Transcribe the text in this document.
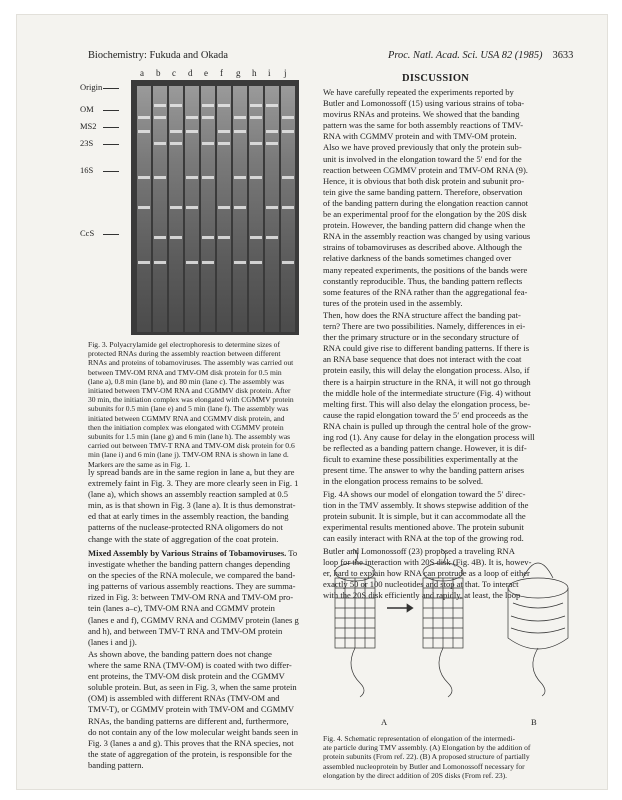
Biochemistry: Fukuda and Okada	Proc. Natl. Acad. Sci. USA 82 (1985) 3633
a b c d e f g h i j
Origin
OM
MS2
23S
16S
CcS
Fig. 3. Polyacrylamide gel electrophoresis to determine sizes of
protected RNAs during the assembly reaction between different
RNAs and proteins of tobamoviruses. The assembly was carried out
between TMV-OM RNA and TMV-OM disk protein for 0.5 min
(lane a), 0.8 min (lane b), and 80 min (lane c). The assembly was
initiated between TMV-OM RNA and CGMMV disk protein. After
30 min, the initiation complex was elongated with CGMMV protein
subunits for 0.5 min (lane e) and 5 min (lane f). The assembly was
initiated between CGMMV RNA and CGMMV disk protein, and
then the initiation complex was elongated with CGMMV protein
subunits for 1.5 min (lane g) and 6 min (lane h). The assembly was
carried out between TMV-T RNA and TMV-OM disk protein for 0.6
min (lane i) and 6 min (lane j). TMV-OM RNA is shown in lane d.
Markers are the same as in Fig. 1.
ly spread bands are in the same region in lane a, but they are
extremely faint in Fig. 3. They are more clearly seen in Fig. 1
(lane a), which shows an assembly reaction sampled at 0.5
min, as is that shown in Fig. 3 (lane a). It is thus demonstrat-
ed that at early times in the assembly reaction, the banding
patterns of the nuclease-protected RNA oligomers do not
change with the state of aggregation of the coat protein.
Mixed Assembly by Various Strains of Tobamoviruses. To
investigate whether the banding pattern changes depending
on the species of the RNA molecule, we compared the band-
ing patterns of various assembly reactions. They are summa-
rized in Fig. 3: between TMV-OM RNA and TMV-OM pro-
tein (lanes a–c), TMV-OM RNA and CGMMV protein
(lanes e and f), CGMMV RNA and CGMMV protein (lanes g
and h), and between TMV-T RNA and TMV-OM protein
(lanes i and j).
As shown above, the banding pattern does not change
where the same RNA (TMV-OM) is coated with two differ-
ent proteins, the TMV-OM disk protein and the CGMMV
soluble protein. But, as seen in Fig. 3, when the same protein
(OM) is assembled with different RNAs (TMV-OM and
TMV-T), or CGMMV protein with TMV-OM and CGMMV
RNAs, the banding patterns are different and, furthermore,
do not contain any of the low molecular weight bands seen in
Fig. 3 (lanes a and g). This proves that the RNA species, not
the state of aggregation of the protein, is responsible for the
banding pattern.
DISCUSSION
We have carefully repeated the experiments reported by
Butler and Lomonossoff (15) using various strains of toba-
movirus RNAs and proteins. We showed that the banding
pattern was the same for both assembly reactions of TMV-
RNA with CGMMV protein and with TMV-OM protein.
Also we have proved previously that only the protein sub-
unit is involved in the elongation toward the 5′ end for the
reaction between CGMMV protein and TMV-OM RNA (9).
Hence, it is obvious that both disk protein and subunit pro-
tein give the same banding pattern. Therefore, observation
of the banding pattern during the elongation reaction cannot
be an experimental proof for the elongation by the 20S disk
protein. However, the banding pattern did change when the
RNA in the assembly reaction was changed by using various
strains of tobamoviruses as described above. Although the
relative darkness of the bands sometimes changed over
many repeated experiments, the positions of the bands were
constantly reproducible. Thus, the banding pattern reflects
some features of the RNA rather than the aggregational fea-
tures of the protein used in the assembly.
Then, how does the RNA structure affect the banding pat-
tern? There are two possibilities. Namely, differences in ei-
ther the primary structure or in the secondary structure of
RNA could give rise to different banding patterns. If there is
an RNA base sequence that does not interact with the coat
protein easily, this will delay the elongation process. Also, if
there is a hairpin structure in the RNA, it will not go through
the middle hole of the intermediate structure (Fig. 4) without
melting first. This will also delay the elongation process, be-
cause the rapid elongation toward the 5′ end proceeds as the
RNA chain is pulled up through the central hole of the grow-
ing rod (1). Any cause for delay in the elongation process will
be reflected as a banding pattern change. However, it is dif-
ficult to examine these possibilities experimentally at the
present time. The answer to why the banding pattern arises
in the elongation process remains to be solved.
Fig. 4A shows our model of elongation toward the 5′ direc-
tion in the TMV assembly. It shows stepwise addition of the
protein subunit. It is simple, but it can accommodate all the
experimental results mentioned above. The protein subunit
can easily interact with RNA at the top of the growing rod.
Butler and Lomonossoff (23) proposed a traveling RNA
loop for the interaction with 20S disk (Fig. 4B). It is, howev-
er, hard to explain how RNA can protrude as a loop of either
exactly 50 or 100 nucleotides and stop at that. To interact
with the 20S disk efficiently and rapidly, at least, the loop
A	B
Fig. 4. Schematic representation of elongation of the intermedi-
ate particle during TMV assembly. (A) Elongation by the addition of
protein subunits (From ref. 22). (B) A proposed structure of partially
assembled nucleoprotein by Butler and Lomonossoff necessary for
elongation by the direct addition of 20S disks (From ref. 23).
